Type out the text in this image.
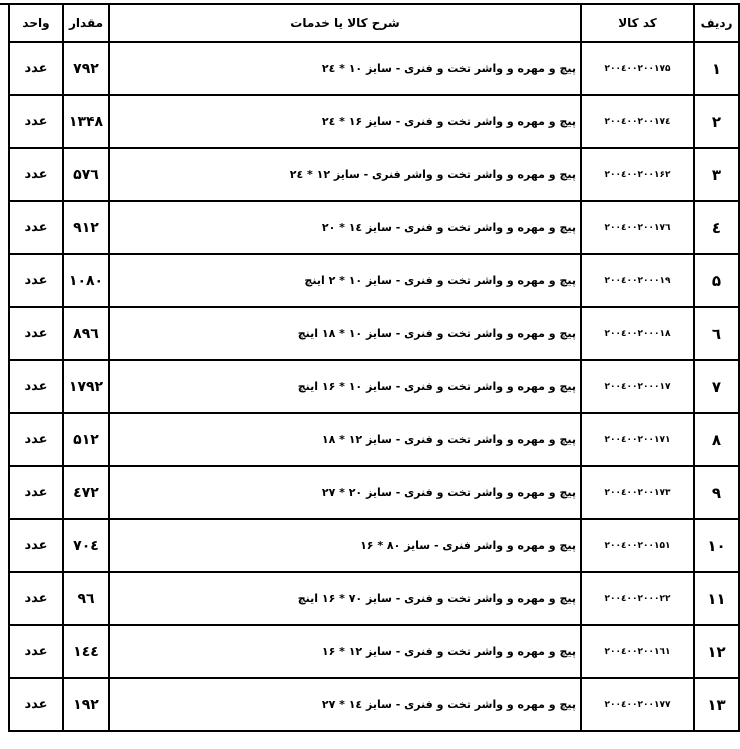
ردیف	کد کالا	شرح کالا یا خدمات	مقدار	واحد
۱	۲۰۰٤۰۰۲۰۰۱۷۵	پیچ و مهره و واشر تخت و فنری - سایز ۱۰ * ۲٤	۷۹۲	عدد
۲	۲۰۰٤۰۰۲۰۰۱۷٤	پیچ و مهره و واشر تخت و فنری - سایز ۱۶ * ۲٤	۱۳۴۸	عدد
۳	۲۰۰٤۰۰۲۰۰۱۶۲	پیچ و مهره و واشر تخت و واشر فنری - سایز ۱۲ * ۲٤	۵۷٦	عدد
٤	۲۰۰٤۰۰۲۰۰۱۷٦	پیچ و مهره و واشر تخت و فنری - سایز ۱٤ * ۲۰	۹۱۲	عدد
۵	۲۰۰٤۰۰۲۰۰۰۱۹	پیچ و مهره و واشر تخت و فنری - سایز ۱۰ * ۲ اینچ	۱۰۸۰	عدد
٦	۲۰۰٤۰۰۲۰۰۰۱۸	پیچ و مهره و واشر تخت و فنری - سایز ۱۰ * ۱۸ اینچ	۸۹٦	عدد
۷	۲۰۰٤۰۰۲۰۰۰۱۷	پیچ و مهره و واشر تخت و فنری - سایز ۱۰ * ۱۶ اینچ	۱۷۹۲	عدد
۸	۲۰۰٤۰۰۲۰۰۱۷۱	پیچ و مهره و واشر تخت و فنری - سایز ۱۲ * ۱۸	۵۱۲	عدد
۹	۲۰۰٤۰۰۲۰۰۱۷۳	پیچ و مهره و واشر تخت و فنری - سایز ۲۰ * ۲۷	٤۷۲	عدد
۱۰	۲۰۰٤۰۰۲۰۰۱۵۱	پیچ و مهره و واشر فنری - سایز ۸۰ * ۱۶	۷۰٤	عدد
۱۱	۲۰۰٤۰۰۲۰۰۰۲۲	پیچ و مهره و واشر تخت و فنری - سایز ۷۰ * ۱۶ اینچ	۹٦	عدد
۱۲	۲۰۰٤۰۰۲۰۰۱٦۱	پیچ و مهره و واشر تخت و فنری - سایز ۱۲ * ۱۶	۱٤٤	عدد
۱۳	۲۰۰٤۰۰۲۰۰۱۷۷	پیچ و مهره و واشر تخت و فنری - سایز ۱٤ * ۲۷	۱۹۲	عدد
